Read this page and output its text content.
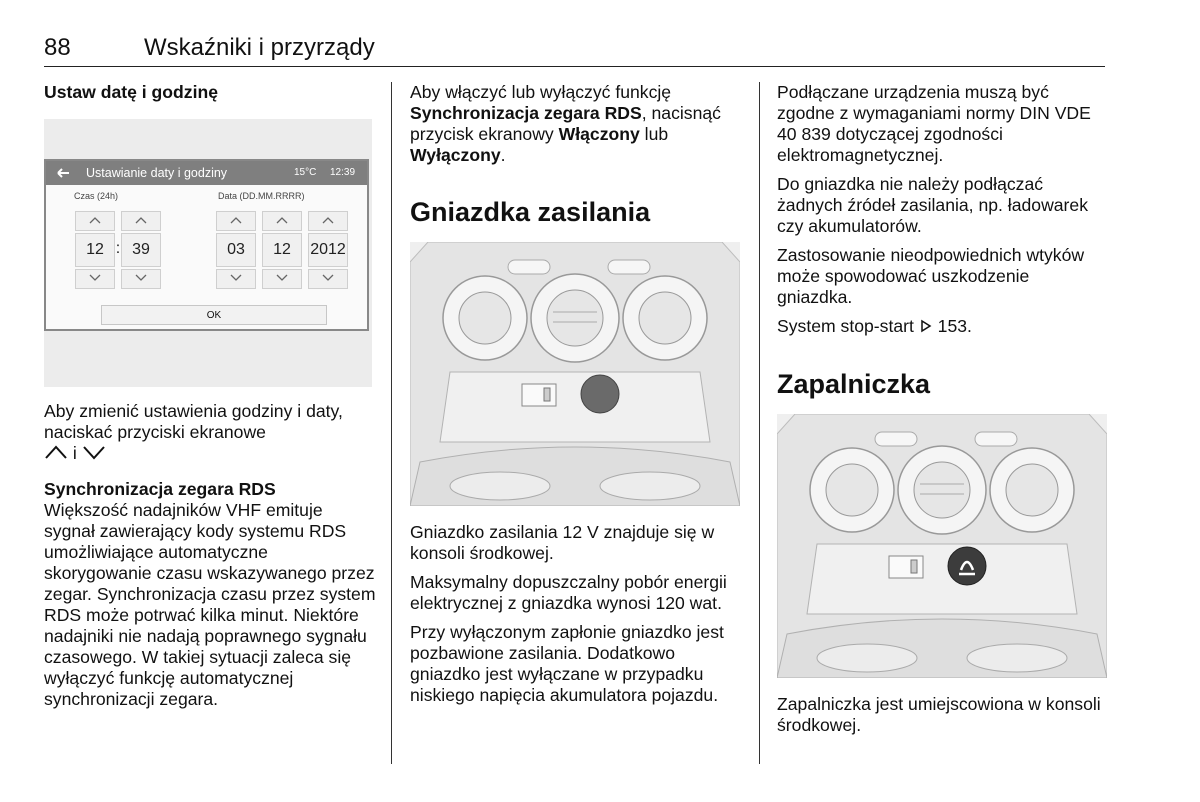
88	Wskaźniki i przyrządy
Ustaw datę i godzinę
Ustawianie daty i godziny	15°C 12:39
Czas (24h)	Data (DD.MM.RRRR)
12 : 39	03	12	2012
OK

Aby zmienić ustawienia godziny i daty, naciskać przyciski ekranowe
i

Synchronizacja zegara RDS

Większość nadajników VHF emituje sygnał zawierający kody systemu RDS umożliwiające automatyczne skorygowanie czasu wskazywanego przez zegar. Synchronizacja czasu przez system RDS może potrwać kilka minut. Niektóre nadajniki nie nadają poprawnego sygnału czasowego. W takiej sytuacji zaleca się wyłączyć funkcję automatycznej synchronizacji zegara.

Aby włączyć lub wyłączyć funkcję Synchronizacja zegara RDS, nacisnąć przycisk ekranowy Włączony lub Wyłączony.

Gniazdka zasilania

Gniazdko zasilania 12 V znajduje się w konsoli środkowej.

Maksymalny dopuszczalny pobór energii elektrycznej z gniazdka wynosi 120 wat.

Przy wyłączonym zapłonie gniazdko jest pozbawione zasilania. Dodatkowo gniazdko jest wyłączane w przypadku niskiego napięcia akumulatora pojazdu.

Podłączane urządzenia muszą być zgodne z wymaganiami normy DIN VDE 40 839 dotyczącej zgodności elektromagnetycznej.

Do gniazdka nie należy podłączać żadnych źródeł zasilania, np. ładowarek czy akumulatorów.

Zastosowanie nieodpowiednich wtyków może spowodować uszkodzenie gniazdka.

System stop-start  153.

Zapalniczka

Zapalniczka jest umiejscowiona w konsoli środkowej.
